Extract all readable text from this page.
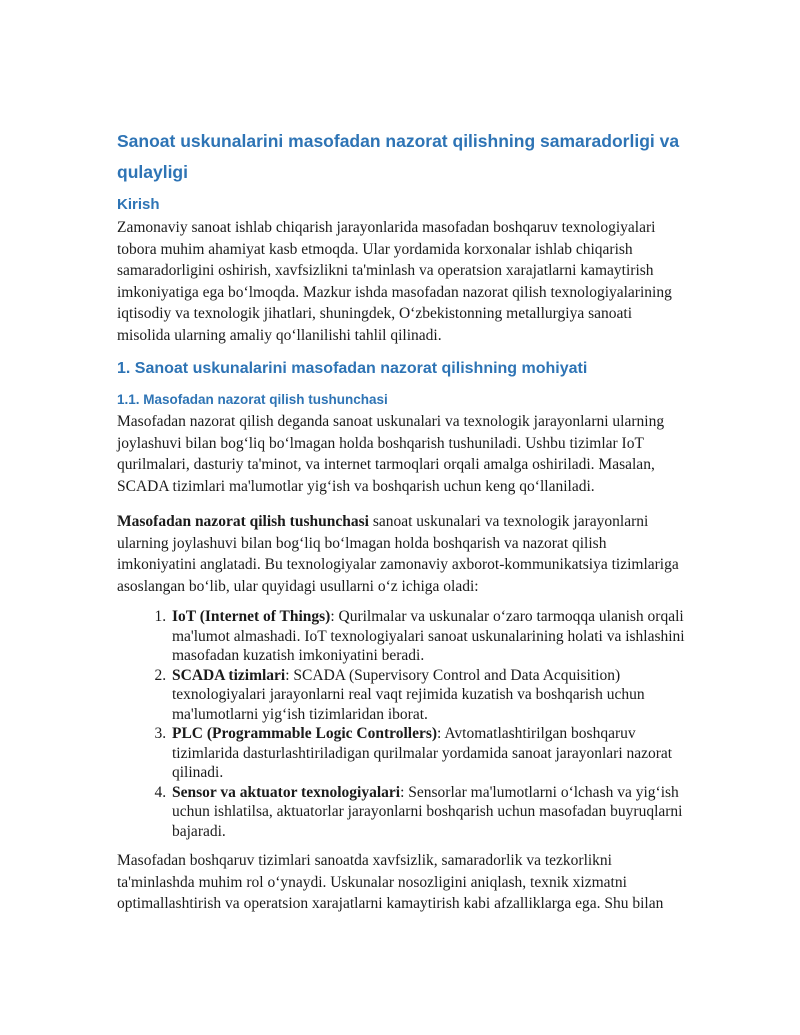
Sanoat uskunalarini masofadan nazorat qilishning samaradorligi va qulayligi
Kirish

Zamonaviy sanoat ishlab chiqarish jarayonlarida masofadan boshqaruv texnologiyalari tobora muhim ahamiyat kasb etmoqda. Ular yordamida korxonalar ishlab chiqarish samaradorligini oshirish, xavfsizlikni ta'minlash va operatsion xarajatlarni kamaytirish imkoniyatiga ega boʻlmoqda. Mazkur ishda masofadan nazorat qilish texnologiyalarining iqtisodiy va texnologik jihatlari, shuningdek, Oʻzbekistonning metallurgiya sanoati misolida ularning amaliy qoʻllanilishi tahlil qilinadi.

1. Sanoat uskunalarini masofadan nazorat qilishning mohiyati
1.1. Masofadan nazorat qilish tushunchasi

Masofadan nazorat qilish deganda sanoat uskunalari va texnologik jarayonlarni ularning joylashuvi bilan bogʻliq boʻlmagan holda boshqarish tushuniladi. Ushbu tizimlar IoT qurilmalari, dasturiy ta'minot, va internet tarmoqlari orqali amalga oshiriladi. Masalan, SCADA tizimlari ma'lumotlar yigʻish va boshqarish uchun keng qoʻllaniladi.

Masofadan nazorat qilish tushunchasi sanoat uskunalari va texnologik jarayonlarni ularning joylashuvi bilan bogʻliq boʻlmagan holda boshqarish va nazorat qilish imkoniyatini anglatadi. Bu texnologiyalar zamonaviy axborot-kommunikatsiya tizimlariga asoslangan boʻlib, ular quyidagi usullarni oʻz ichiga oladi:

1. IoT (Internet of Things): Qurilmalar va uskunalar oʻzaro tarmoqqa ulanish orqali ma'lumot almashadi. IoT texnologiyalari sanoat uskunalarining holati va ishlashini masofadan kuzatish imkoniyatini beradi.
2. SCADA tizimlari: SCADA (Supervisory Control and Data Acquisition) texnologiyalari jarayonlarni real vaqt rejimida kuzatish va boshqarish uchun ma'lumotlarni yigʻish tizimlaridan iborat.
3. PLC (Programmable Logic Controllers): Avtomatlashtirilgan boshqaruv tizimlarida dasturlashtiriladigan qurilmalar yordamida sanoat jarayonlari nazorat qilinadi.
4. Sensor va aktuator texnologiyalari: Sensorlar ma'lumotlarni oʻlchash va yigʻish uchun ishlatilsa, aktuatorlar jarayonlarni boshqarish uchun masofadan buyruqlarni bajaradi.

Masofadan boshqaruv tizimlari sanoatda xavfsizlik, samaradorlik va tezkorlikni ta'minlashda muhim rol oʻynaydi. Uskunalar nosozligini aniqlash, texnik xizmatni optimallashtirish va operatsion xarajatlarni kamaytirish kabi afzalliklarga ega. Shu bilan
